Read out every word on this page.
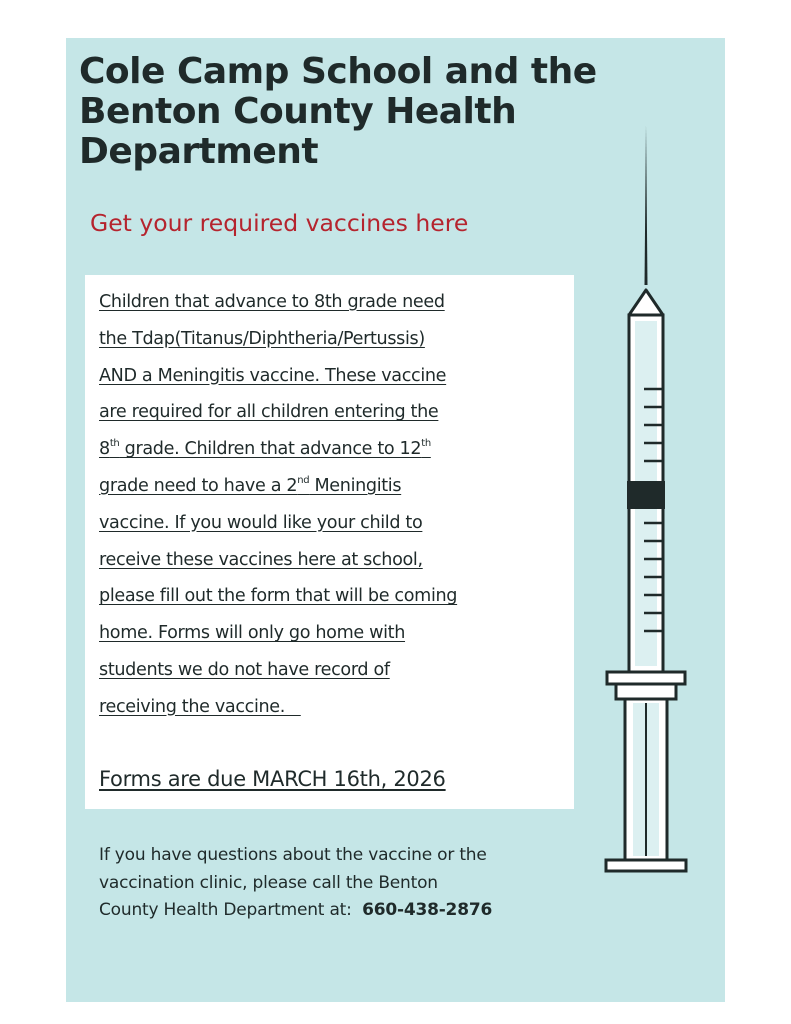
Cole Camp School and the Benton County Health Department

Get your required vaccines here

Children that advance to 8th grade need
the Tdap(Titanus/Diphtheria/Pertussis)
AND a Meningitis vaccine. These vaccine
are required for all children entering the
8th grade. Children that advance to 12th
grade need to have a 2nd Meningitis
vaccine. If you would like your child to
receive these vaccines here at school,
please fill out the form that will be coming
home. Forms will only go home with
students we do not have record of
receiving the vaccine.

Forms are due MARCH 16th, 2026

If you have questions about the vaccine or the
vaccination clinic, please call the Benton
County Health Department at:  660-438-2876
